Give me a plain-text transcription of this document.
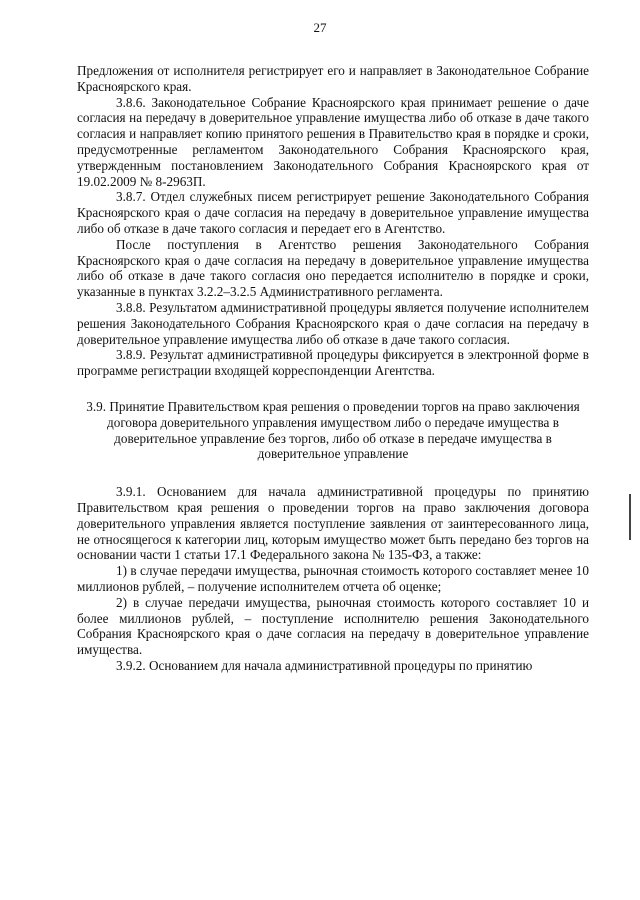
27

Предложения от исполнителя регистрирует его и направляет в Законодательное Собрание Красноярского края.

3.8.6. Законодательное Собрание Красноярского края принимает решение о даче согласия на передачу в доверительное управление имущества либо об отказе в даче такого согласия и направляет копию принятого решения в Правительство края в порядке и сроки, предусмотренные регламентом Законодательного Собрания Красноярского края, утвержденным постановлением Законодательного Собрания Красноярского края от 19.02.2009 № 8-2963П.

3.8.7. Отдел служебных писем регистрирует решение Законодательного Собрания Красноярского края о даче согласия на передачу в доверительное управление имущества либо об отказе в даче такого согласия и передает его в Агентство.

После поступления в Агентство решения Законодательного Собрания Красноярского края о даче согласия на передачу в доверительное управление имущества либо об отказе в даче такого согласия оно передается исполнителю в порядке и сроки, указанные в пунктах 3.2.2–3.2.5 Административного регламента.

3.8.8. Результатом административной процедуры является получение исполнителем решения Законодательного Собрания Красноярского края о даче согласия на передачу в доверительное управление имущества либо об отказе в даче такого согласия.

3.8.9. Результат административной процедуры фиксируется в электронной форме в программе регистрации входящей корреспонденции Агентства.

3.9. Принятие Правительством края решения о проведении торгов на право заключения договора доверительного управления имуществом либо о передаче имущества в доверительное управление без торгов, либо об отказе в передаче имущества в доверительное управление

3.9.1. Основанием для начала административной процедуры по принятию Правительством края решения о проведении торгов на право заключения договора доверительного управления является поступление заявления от заинтересованного лица, не относящегося к категории лиц, которым имущество может быть передано без торгов на основании части 1 статьи 17.1 Федерального закона № 135-ФЗ, а также:

1) в случае передачи имущества, рыночная стоимость которого составляет менее 10 миллионов рублей, – получение исполнителем отчета об оценке;

2) в случае передачи имущества, рыночная стоимость которого составляет 10 и более миллионов рублей, – поступление исполнителю решения Законодательного Собрания Красноярского края о даче согласия на передачу в доверительное управление имущества.

3.9.2. Основанием для начала административной процедуры по принятию
